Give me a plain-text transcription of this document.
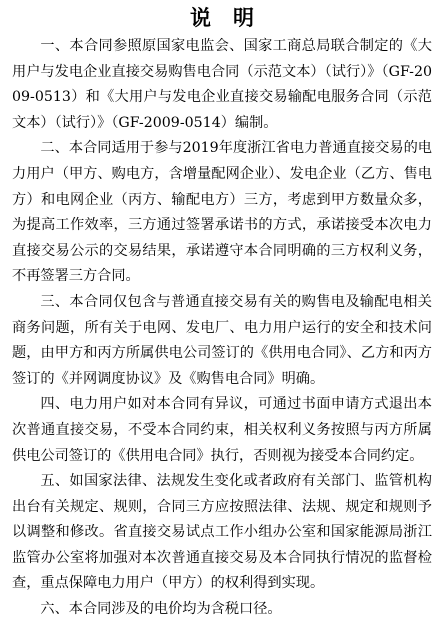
说明

一、本合同参照原国家电监会、国家工商总局联合制定的《大用户与发电企业直接交易购售电合同（示范文本）（试行）》（GF-2009-0513）和《大用户与发电企业直接交易输配电服务合同（示范文本）（试行）》（GF-2009-0514）编制。

二、本合同适用于参与2019年度浙江省电力普通直接交易的电力用户（甲方、购电方，含增量配网企业）、发电企业（乙方、售电方）和电网企业（丙方、输配电方）三方，考虑到甲方数量众多，为提高工作效率，三方通过签署承诺书的方式，承诺接受本次电力直接交易公示的交易结果，承诺遵守本合同明确的三方权利义务，不再签署三方合同。

三、本合同仅包含与普通直接交易有关的购售电及输配电相关商务问题，所有关于电网、发电厂、电力用户运行的安全和技术问题，由甲方和丙方所属供电公司签订的《供用电合同》、乙方和丙方签订的《并网调度协议》及《购售电合同》明确。

四、电力用户如对本合同有异议，可通过书面申请方式退出本次普通直接交易，不受本合同约束，相关权利义务按照与丙方所属供电公司签订的《供用电合同》执行，否则视为接受本合同约定。

五、如国家法律、法规发生变化或者政府有关部门、监管机构出台有关规定、规则，合同三方应按照法律、法规、规定和规则予以调整和修改。省直接交易试点工作小组办公室和国家能源局浙江监管办公室将加强对本次普通直接交易及本合同执行情况的监督检查，重点保障电力用户（甲方）的权利得到实现。

六、本合同涉及的电价均为含税口径。
